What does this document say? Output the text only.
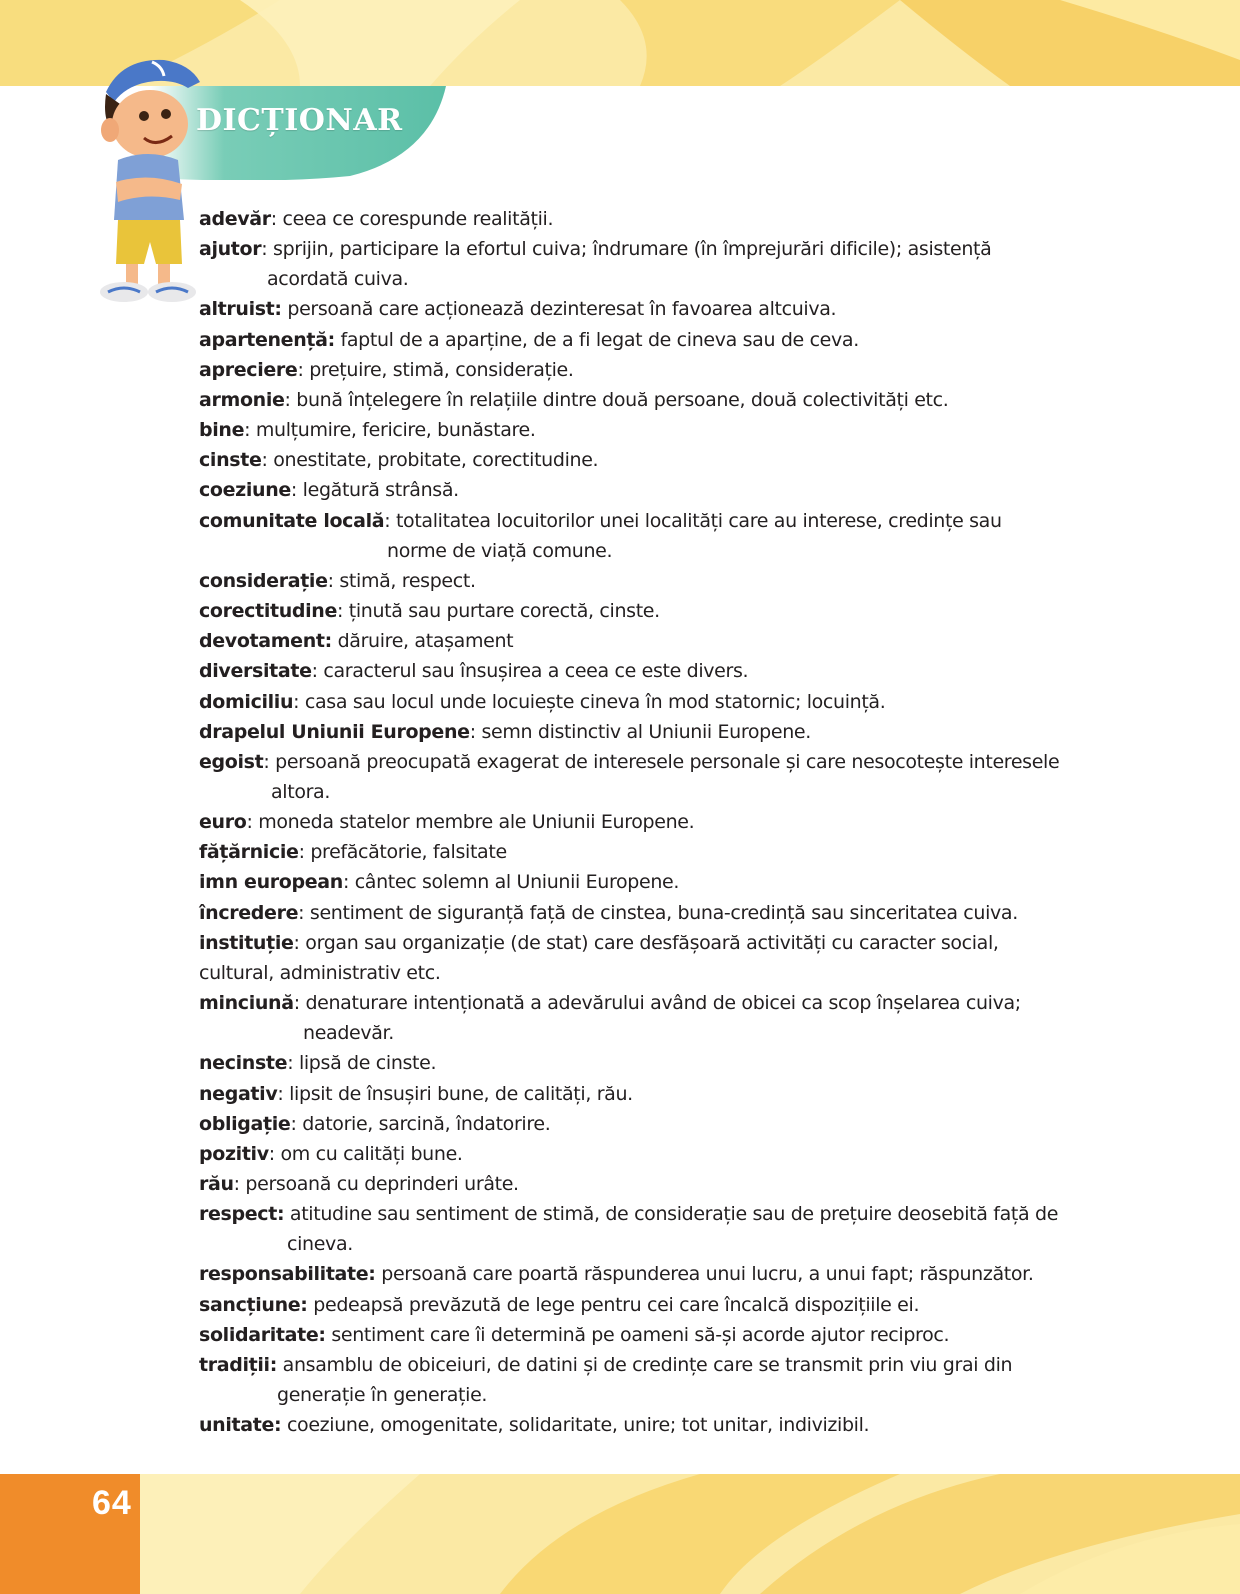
DICȚIONAR

adevăr: ceea ce corespunde realității.

ajutor: sprijin, participare la efortul cuiva; îndrumare (în împrejurări dificile); asistență
acordată cuiva.

altruist: persoană care acționează dezinteresat în favoarea altcuiva.

apartenență: faptul de a aparține, de a fi legat de cineva sau de ceva.

apreciere: prețuire, stimă, considerație.

armonie: bună înțelegere în relațiile dintre două persoane, două colectivități etc.

bine: mulțumire, fericire, bunăstare.

cinste: onestitate, probitate, corectitudine.

coeziune: legătură strânsă.

comunitate locală: totalitatea locuitorilor unei localități care au interese, credințe sau
norme de viață comune.

considerație: stimă, respect.

corectitudine: ținută sau purtare corectă, cinste.

devotament: dăruire, atașament

diversitate: caracterul sau însușirea a ceea ce este divers.

domiciliu: casa sau locul unde locuiește cineva în mod statornic; locuință.

drapelul Uniunii Europene: semn distinctiv al Uniunii Europene.

egoist: persoană preocupată exagerat de interesele personale și care nesocotește interesele
altora.

euro: moneda statelor membre ale Uniunii Europene.

fățărnicie: prefăcătorie, falsitate

imn european: cântec solemn al Uniunii Europene.

încredere: sentiment de siguranță față de cinstea, buna-credință sau sinceritatea cuiva.

instituție: organ sau organizație (de stat) care desfășoară activități cu caracter social,
cultural, administrativ etc.

minciună: denaturare intenționată a adevărului având de obicei ca scop înșelarea cuiva;
neadevăr.

necinste: lipsă de cinste.

negativ: lipsit de însușiri bune, de calități, rău.

obligație: datorie, sarcină, îndatorire.

pozitiv: om cu calități bune.

rău: persoană cu deprinderi urâte.

respect: atitudine sau sentiment de stimă, de considerație sau de prețuire deosebită față de
cineva.

responsabilitate: persoană care poartă răspunderea unui lucru, a unui fapt; răspunzător.

sancțiune: pedeapsă prevăzută de lege pentru cei care încalcă dispozițiile ei.

solidaritate: sentiment care îi determină pe oameni să-și acorde ajutor reciproc.

tradiții: ansamblu de obiceiuri, de datini și de credințe care se transmit prin viu grai din
generație în generație.

unitate: coeziune, omogenitate, solidaritate, unire; tot unitar, indivizibil.

64
